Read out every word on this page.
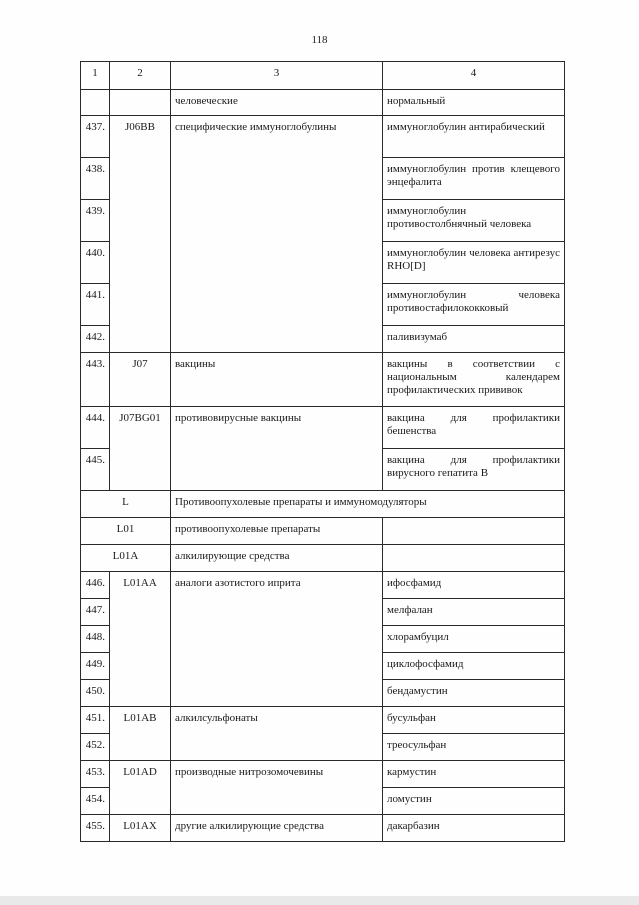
118
1	2	3	4
		человеческие	нормальный
437.	J06BB	специфические иммуноглобулины	иммуноглобулин антирабический
438.			иммуноглобулин против клещевого энцефалита
439.			иммуноглобулин противостолбнячный человека
440.			иммуноглобулин человека антирезус RHO[D]
441.			иммуноглобулин человека противостафилококковый
442.			паливизумаб
443.	J07	вакцины	вакцины в соответствии с национальным календарем профилактических прививок
444.	J07BG01	противовирусные вакцины	вакцина для профилактики бешенства
445.			вакцина для профилактики вирусного гепатита В
L		Противоопухолевые препараты и иммуномодуляторы	
L01		противоопухолевые препараты	
L01A		алкилирующие средства	
446.	L01AA	аналоги азотистого иприта	ифосфамид
447.			мелфалан
448.			хлорамбуцил
449.			циклофосфамид
450.			бендамустин
451.	L01AB	алкилсульфонаты	бусульфан
452.			треосульфан
453.	L01AD	производные нитрозомочевины	кармустин
454.			ломустин
455.	L01AX	другие алкилирующие средства	дакарбазин
